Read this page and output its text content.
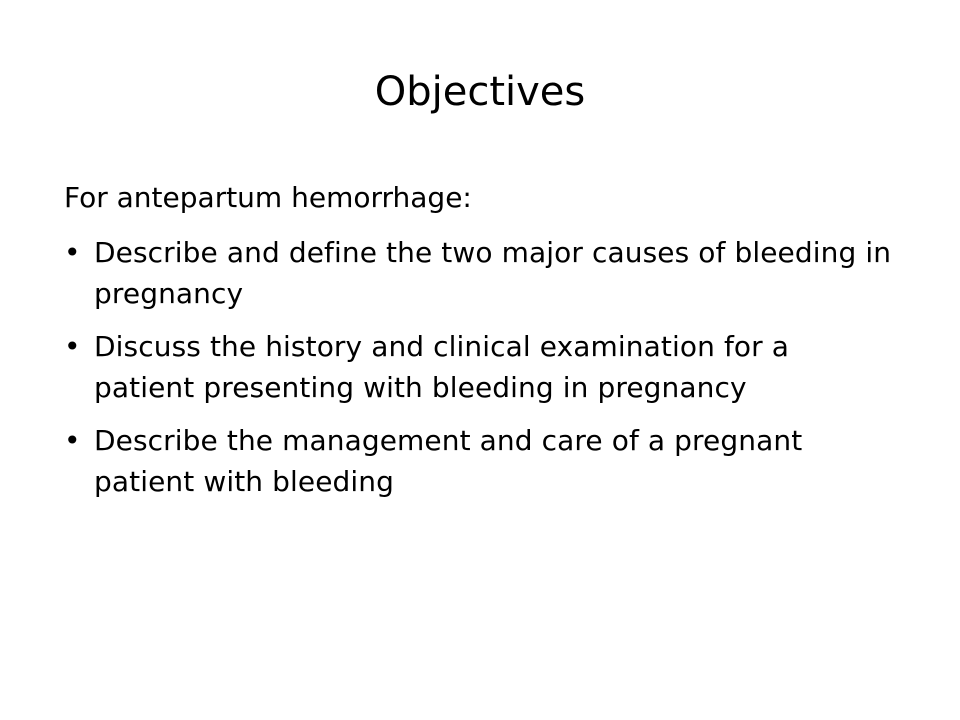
Objectives

For antepartum hemorrhage:

• Describe and define the two major causes of bleeding in pregnancy
• Discuss the history and clinical examination for a patient presenting with bleeding in pregnancy
• Describe the management and care of a pregnant patient with bleeding
